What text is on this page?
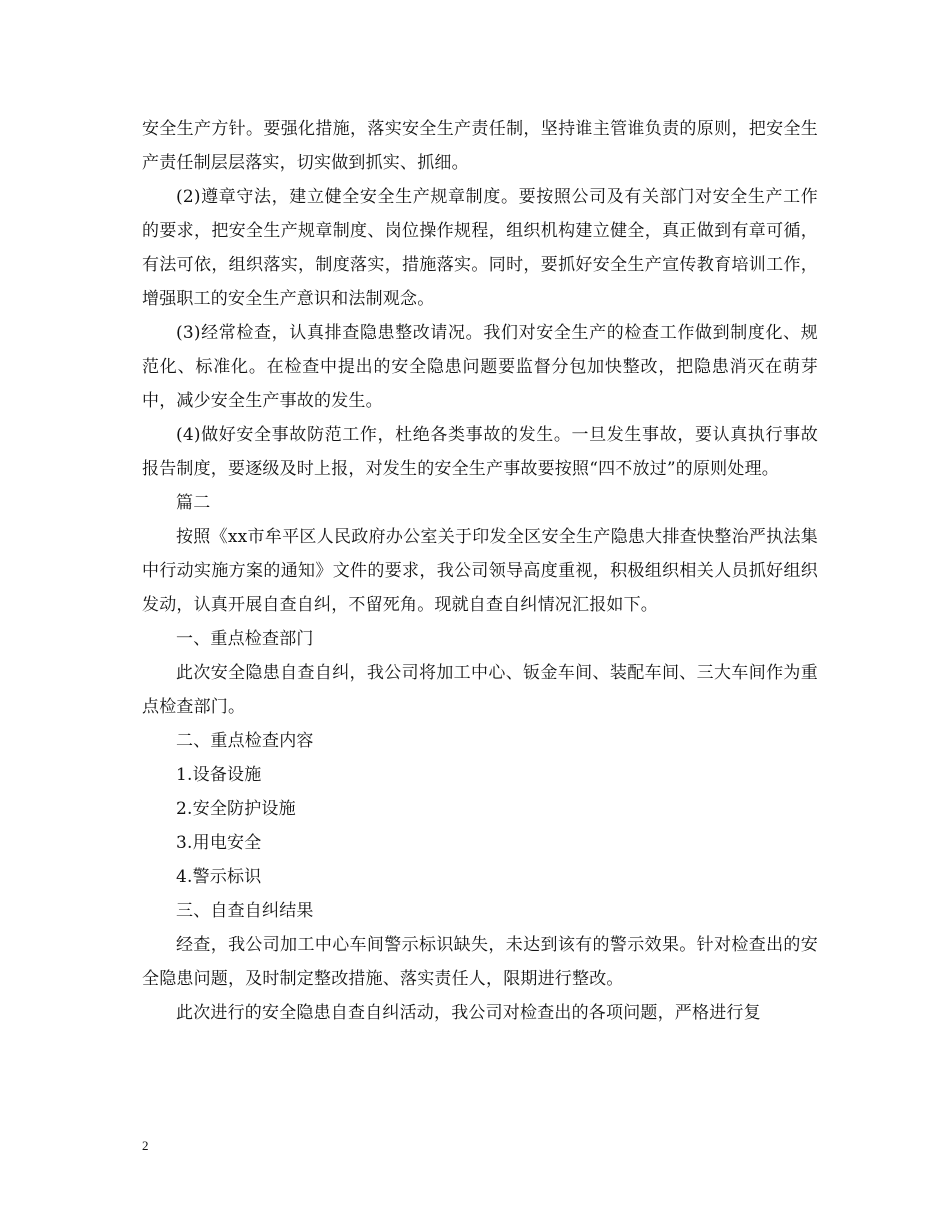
安全生产方针。要强化措施，落实安全生产责任制，坚持谁主管谁负责的原则，把安全生产责任制层层落实，切实做到抓实、抓细。

(2)遵章守法，建立健全安全生产规章制度。要按照公司及有关部门对安全生产工作的要求，把安全生产规章制度、岗位操作规程，组织机构建立健全，真正做到有章可循，有法可依，组织落实，制度落实，措施落实。同时，要抓好安全生产宣传教育培训工作，增强职工的安全生产意识和法制观念。

(3)经常检查，认真排查隐患整改请况。我们对安全生产的检查工作做到制度化、规范化、标准化。在检查中提出的安全隐患问题要监督分包加快整改，把隐患消灭在萌芽中，减少安全生产事故的发生。

(4)做好安全事故防范工作，杜绝各类事故的发生。一旦发生事故，要认真执行事故报告制度，要逐级及时上报，对发生的安全生产事故要按照“四不放过”的原则处理。

篇二

按照《xx市牟平区人民政府办公室关于印发全区安全生产隐患大排查快整治严执法集中行动实施方案的通知》文件的要求，我公司领导高度重视，积极组织相关人员抓好组织发动，认真开展自查自纠，不留死角。现就自查自纠情况汇报如下。

一、重点检查部门

此次安全隐患自查自纠，我公司将加工中心、钣金车间、装配车间、三大车间作为重点检查部门。

二、重点检查内容

1.设备设施

2.安全防护设施

3.用电安全

4.警示标识

三、自查自纠结果

经查，我公司加工中心车间警示标识缺失，未达到该有的警示效果。针对检查出的安全隐患问题，及时制定整改措施、落实责任人，限期进行整改。

此次进行的安全隐患自查自纠活动，我公司对检查出的各项问题，严格进行复

2
